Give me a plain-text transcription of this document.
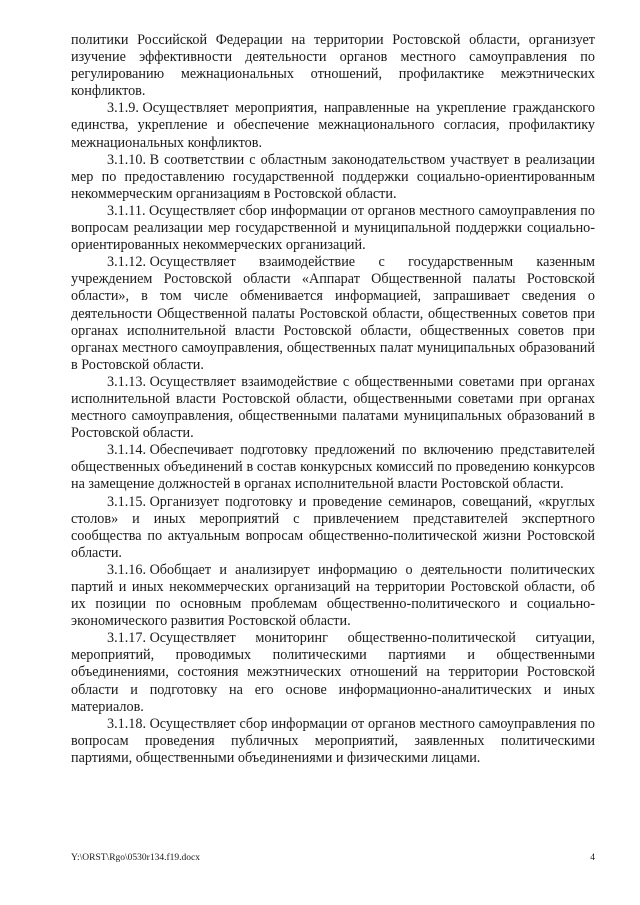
политики Российской Федерации на территории Ростовской области, организует изучение эффективности деятельности органов местного самоуправления по регулированию межнациональных отношений, профилактике межэтнических конфликтов.

3.1.9. Осуществляет мероприятия, направленные на укрепление гражданского единства, укрепление и обеспечение межнационального согласия, профилактику межнациональных конфликтов.

3.1.10. В соответствии с областным законодательством участвует в реализации мер по предоставлению государственной поддержки социально-ориентированным некоммерческим организациям в Ростовской области.

3.1.11. Осуществляет сбор информации от органов местного самоуправления по вопросам реализации мер государственной и муниципальной поддержки социально-ориентированных некоммерческих организаций.

3.1.12. Осуществляет взаимодействие с государственным казенным учреждением Ростовской области «Аппарат Общественной палаты Ростовской области», в том числе обменивается информацией, запрашивает сведения о деятельности Общественной палаты Ростовской области, общественных советов при органах исполнительной власти Ростовской области, общественных советов при органах местного самоуправления, общественных палат муниципальных образований в Ростовской области.

3.1.13. Осуществляет взаимодействие с общественными советами при органах исполнительной власти Ростовской области, общественными советами при органах местного самоуправления, общественными палатами муниципальных образований в Ростовской области.

3.1.14. Обеспечивает подготовку предложений по включению представителей общественных объединений в состав конкурсных комиссий по проведению конкурсов на замещение должностей в органах исполнительной власти Ростовской области.

3.1.15. Организует подготовку и проведение семинаров, совещаний, «круглых столов» и иных мероприятий с привлечением представителей экспертного сообщества по актуальным вопросам общественно-политической жизни Ростовской области.

3.1.16. Обобщает и анализирует информацию о деятельности политических партий и иных некоммерческих организаций на территории Ростовской области, об их позиции по основным проблемам общественно-политического и социально-экономического развития Ростовской области.

3.1.17. Осуществляет мониторинг общественно-политической ситуации, мероприятий, проводимых политическими партиями и общественными объединениями, состояния межэтнических отношений на территории Ростовской области и подготовку на его основе информационно-аналитических и иных материалов.

3.1.18. Осуществляет сбор информации от органов местного самоуправления по вопросам проведения публичных мероприятий, заявленных политическими партиями, общественными объединениями и физическими лицами.

Y:\ORST\Rgo\0530r134.f19.docx	4
